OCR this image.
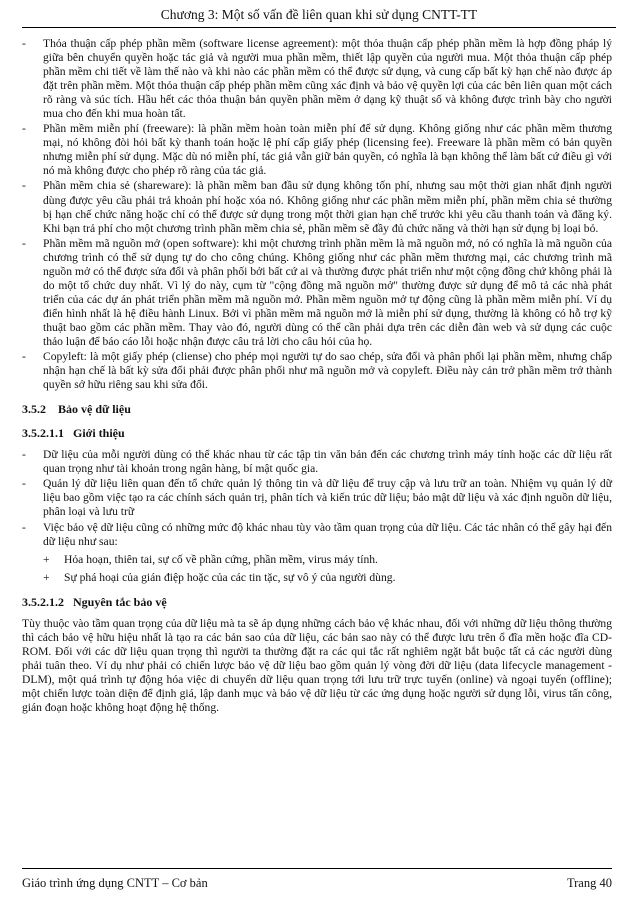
Chương 3: Một số vấn đề liên quan khi sử dụng CNTT-TT
- Thỏa thuận cấp phép phần mềm (software license agreement): một thỏa thuận cấp phép phần mềm là hợp đồng pháp lý giữa bên chuyển quyền hoặc tác giả và người mua phần mềm, thiết lập quyền của người mua. Một thỏa thuận cấp phép phần mềm chi tiết về làm thế nào và khi nào các phần mềm có thể được sử dụng, và cung cấp bất kỳ hạn chế nào được áp đặt trên phần mềm. Một thỏa thuận cấp phép phần mềm cũng xác định và bảo vệ quyền lợi của các bên liên quan một cách rõ ràng và súc tích. Hầu hết các thỏa thuận bản quyền phần mềm ở dạng kỹ thuật số và không được trình bày cho người mua cho đến khi mua hoàn tất.
- Phần mềm miễn phí (freeware): là phần mềm hoàn toàn miễn phí để sử dụng. Không giống như các phần mềm thương mại, nó không đòi hỏi bất kỳ thanh toán hoặc lệ phí cấp giấy phép (licensing fee). Freeware là phần mềm có bản quyền nhưng miễn phí sử dụng. Mặc dù nó miễn phí, tác giả vẫn giữ bản quyền, có nghĩa là bạn không thể làm bất cứ điều gì với nó mà không được cho phép rõ ràng của tác giả.
- Phần mềm chia sẻ (shareware): là phần mềm ban đầu sử dụng không tốn phí, nhưng sau một thời gian nhất định người dùng được yêu cầu phải trả khoản phí hoặc xóa nó. Không giống như các phần mềm miễn phí, phần mềm chia sẻ thường bị hạn chế chức năng hoặc chỉ có thể được sử dụng trong một thời gian hạn chế trước khi yêu cầu thanh toán và đăng ký. Khi bạn trả phí cho một chương trình phần mềm chia sẻ, phần mềm sẽ đầy đủ chức năng và thời hạn sử dụng bị loại bỏ.
- Phần mềm mã nguồn mở (open software): khi một chương trình phần mềm là mã nguồn mở, nó có nghĩa là mã nguồn của chương trình có thể sử dụng tự do cho công chúng. Không giống như các phần mềm thương mại, các chương trình mã nguồn mở có thể được sửa đổi và phân phối bởi bất cứ ai và thường được phát triển như một cộng đồng chứ không phải là do một tổ chức duy nhất. Vì lý do này, cụm từ "cộng đồng mã nguồn mở" thường được sử dụng để mô tả các nhà phát triển của các dự án phát triển phần mềm mã nguồn mở. Phần mềm nguồn mở tự động cũng là phần mềm miễn phí. Ví dụ điển hình nhất là hệ điều hành Linux. Bởi vì phần mềm mã nguồn mở là miễn phí sử dụng, thường là không có hỗ trợ kỹ thuật bao gồm các phần mềm. Thay vào đó, người dùng có thể cần phải dựa trên các diễn đàn web và sử dụng các cuộc thảo luận để báo cáo lỗi hoặc nhận được câu trả lời cho câu hỏi của họ.
- Copyleft: là một giấy phép (cliense) cho phép mọi người tự do sao chép, sửa đổi và phân phối lại phần mềm, nhưng chấp nhận hạn chế là bất kỳ sửa đổi phải được phân phối như mã nguồn mở và copyleft. Điều này cản trở phần mềm trở thành quyền sở hữu riêng sau khi sửa đổi.
3.5.2 Bảo vệ dữ liệu
3.5.2.1.1 Giới thiệu
- Dữ liệu của mỗi người dùng có thể khác nhau từ các tập tin văn bản đến các chương trình máy tính hoặc các dữ liệu rất quan trọng như tài khoản trong ngân hàng, bí mật quốc gia.
- Quản lý dữ liệu liên quan đến tổ chức quản lý thông tin và dữ liệu để truy cập và lưu trữ an toàn. Nhiệm vụ quản lý dữ liệu bao gồm việc tạo ra các chính sách quản trị, phân tích và kiến trúc dữ liệu; bảo mật dữ liệu và xác định nguồn dữ liệu, phân loại và lưu trữ
- Việc bảo vệ dữ liệu cũng có những mức độ khác nhau tùy vào tầm quan trọng của dữ liệu. Các tác nhân có thể gây hại đến dữ liệu như sau:
+ Hỏa hoạn, thiên tai, sự cố về phần cứng, phần mềm, virus máy tính.
+ Sự phá hoại của gián điệp hoặc của các tin tặc, sự vô ý của người dùng.
3.5.2.1.2 Nguyên tắc bảo vệ

Tùy thuộc vào tầm quan trọng của dữ liệu mà ta sẽ áp dụng những cách bảo vệ khác nhau, đối với những dữ liệu thông thường thì cách bảo vệ hữu hiệu nhất là tạo ra các bản sao của dữ liệu, các bản sao này có thể được lưu trên ổ đĩa mền hoặc đĩa CD-ROM. Đối với các dữ liệu quan trọng thì người ta thường đặt ra các qui tắc rất nghiêm ngặt bắt buộc tất cả các người dùng phải tuân theo. Ví dụ như phải có chiến lược bảo vệ dữ liệu bao gồm quản lý vòng đời dữ liệu (data lifecycle management - DLM), một quá trình tự động hóa việc di chuyển dữ liệu quan trọng tới lưu trữ trực tuyến (online) và ngoại tuyến (offline); một chiến lược toàn diện để định giá, lập danh mục và bảo vệ dữ liệu từ các ứng dụng hoặc người sử dụng lỗi, virus tấn công, gián đoạn hoặc không hoạt động hệ thống.

Giáo trình ứng dụng CNTT – Cơ bản	Trang 40
